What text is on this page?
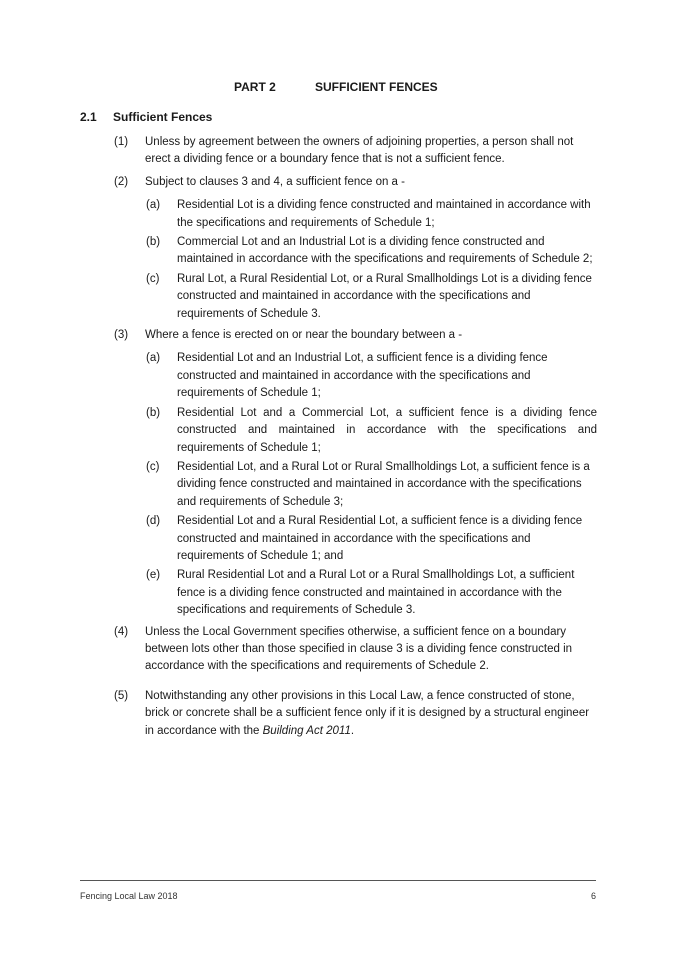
PART 2	SUFFICIENT FENCES
2.1 Sufficient Fences
(1) Unless by agreement between the owners of adjoining properties, a person shall not erect a dividing fence or a boundary fence that is not a sufficient fence.
(2) Subject to clauses 3 and 4, a sufficient fence on a -
(a) Residential Lot is a dividing fence constructed and maintained in accordance with the specifications and requirements of Schedule 1;
(b) Commercial Lot and an Industrial Lot is a dividing fence constructed and maintained in accordance with the specifications and requirements of Schedule 2;
(c) Rural Lot, a Rural Residential Lot, or a Rural Smallholdings Lot is a dividing fence constructed and maintained in accordance with the specifications and requirements of Schedule 3.
(3) Where a fence is erected on or near the boundary between a -
(a) Residential Lot and an Industrial Lot, a sufficient fence is a dividing fence constructed and maintained in accordance with the specifications and requirements of Schedule 1;
(b) Residential Lot and a Commercial Lot, a sufficient fence is a dividing fence constructed and maintained in accordance with the specifications and requirements of Schedule 1;
(c) Residential Lot, and a Rural Lot or Rural Smallholdings Lot, a sufficient fence is a dividing fence constructed and maintained in accordance with the specifications and requirements of Schedule 3;
(d) Residential Lot and a Rural Residential Lot, a sufficient fence is a dividing fence constructed and maintained in accordance with the specifications and requirements of Schedule 1; and
(e) Rural Residential Lot and a Rural Lot or a Rural Smallholdings Lot, a sufficient fence is a dividing fence constructed and maintained in accordance with the specifications and requirements of Schedule 3.
(4) Unless the Local Government specifies otherwise, a sufficient fence on a boundary between lots other than those specified in clause 3 is a dividing fence constructed in accordance with the specifications and requirements of Schedule 2.
(5) Notwithstanding any other provisions in this Local Law, a fence constructed of stone, brick or concrete shall be a sufficient fence only if it is designed by a structural engineer in accordance with the Building Act 2011.
Fencing Local Law 2018	6
